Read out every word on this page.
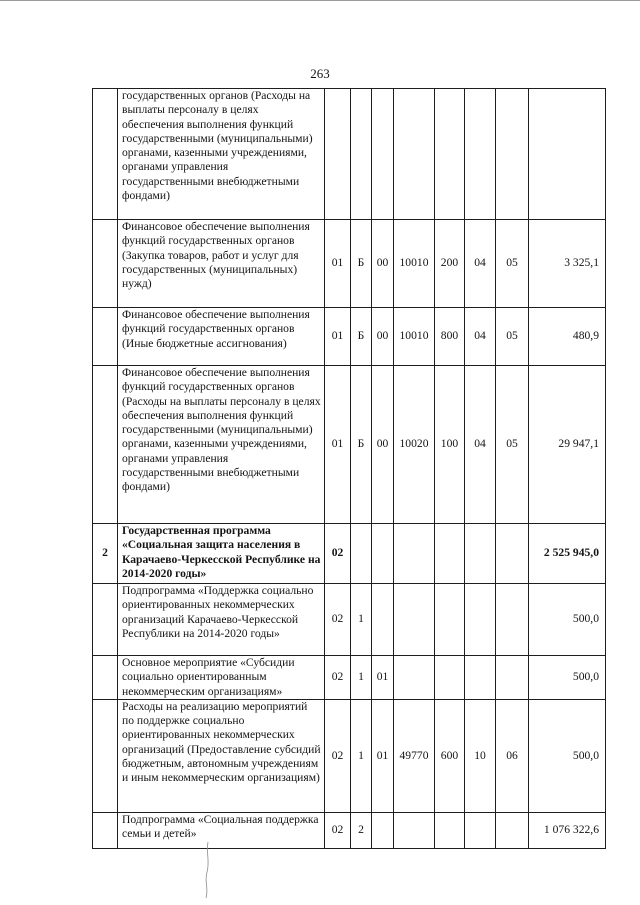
263
	государственных органов (Расходы на выплаты персоналу в целях обеспечения выполнения функций государственными (муниципальными) органами, казенными учреждениями, органами управления государственными внебюджетными фондами)								
	Финансовое обеспечение выполнения функций государственных органов (Закупка товаров, работ и услуг для государственных (муниципальных) нужд)	01	Б	00	10010	200	04	05	3 325,1
	Финансовое обеспечение выполнения функций государственных органов (Иные бюджетные ассигнования)	01	Б	00	10010	800	04	05	480,9
	Финансовое обеспечение выполнения функций государственных органов (Расходы на выплаты персоналу в целях обеспечения выполнения функций государственными (муниципальными) органами, казенными учреждениями, органами управления государственными внебюджетными фондами)	01	Б	00	10020	100	04	05	29 947,1
2	Государственная программа «Социальная защита населения в Карачаево-Черкесской Республике на 2014-2020 годы»	02							2 525 945,0
	Подпрограмма «Поддержка социально ориентированных некоммерческих организаций Карачаево-Черкесской Республики на 2014-2020 годы»	02	1						500,0
	Основное мероприятие «Субсидии социально ориентированным некоммерческим организациям»	02	1	01					500,0
	Расходы на реализацию мероприятий по поддержке социально ориентированных некоммерческих организаций (Предоставление субсидий бюджетным, автономным учреждениям и иным некоммерческим организациям)	02	1	01	49770	600	10	06	500,0
	Подпрограмма «Социальная поддержка семьи и детей»	02	2						1 076 322,6
